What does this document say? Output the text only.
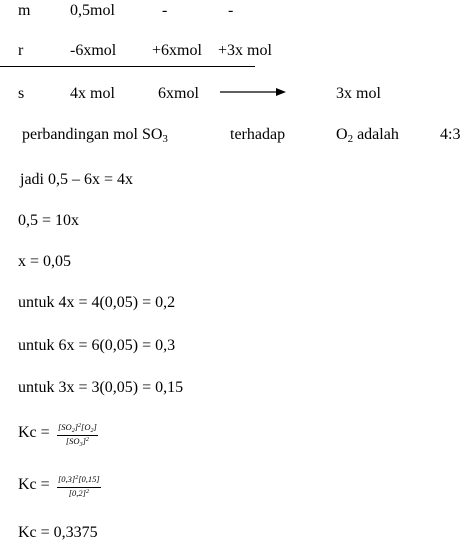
m 0,5mol	-	-
r	-6xmol +6xmol +3x mol
s	4x mol	6xmol	3x mol
perbandingan mol SO3	terhadap	O2 adalah	4:3
jadi 0,5 – 6x = 4x
0,5 = 10x
x = 0,05
untuk 4x = 4(0,05) = 0,2
untuk 6x = 6(0,05) = 0,3
untuk 3x = 3(0,05) = 0,15
$Kc = [SO_2]^2[O_2]$
$[SO_3]^2$
$Kc = [0,3]^2[0,15]$
$[0,2]^2$
Kc = 0,3375
